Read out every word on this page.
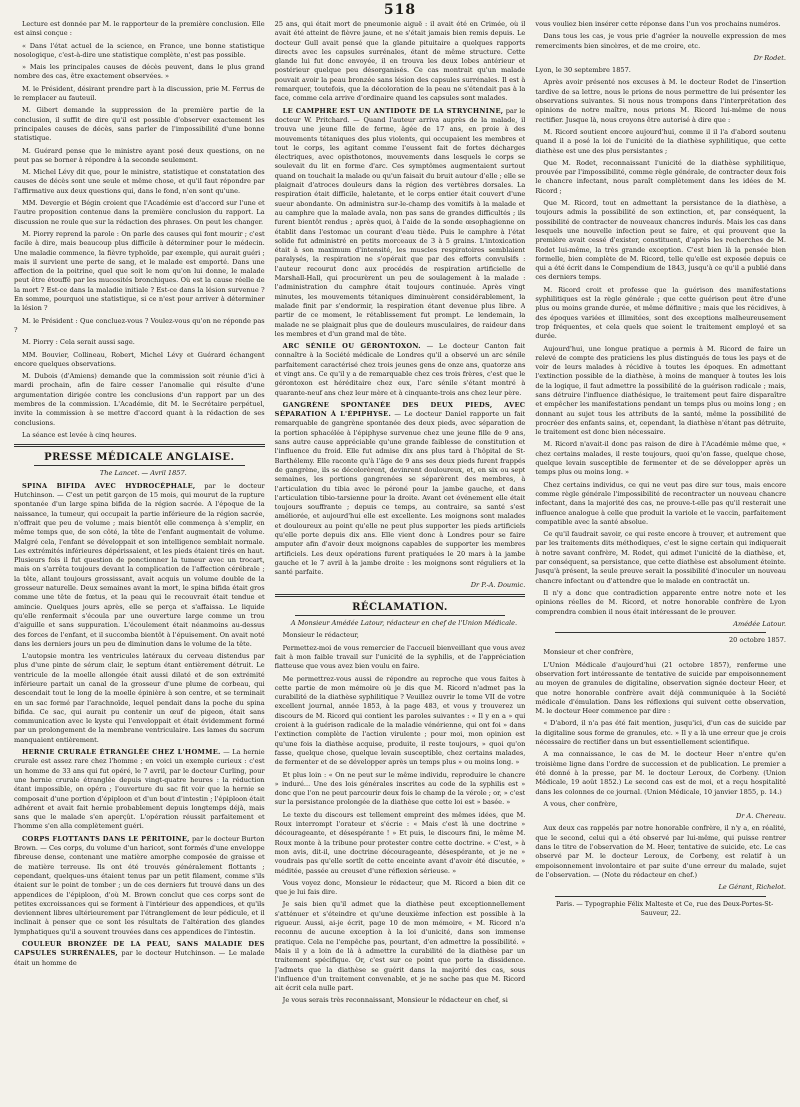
518

Lecture est donnée par M. le rapporteur de la première conclusion. Elle est ainsi conçue :

« Dans l'état actuel de la science, en France, une bonne statistique nosologique, c'est-à-dire une statistique complète, n'est pas possible.

» Mais les principales causes de décès peuvent, dans le plus grand nombre des cas, être exactement observées. »

M. le Président, désirant prendre part à la discussion, prie M. Ferrus de le remplacer au fauteuil.

M. Gibert demande la suppression de la première partie de la conclusion, il suffit de dire qu'il est possible d'observer exactement les principales causes de décès, sans parler de l'impossibilité d'une bonne statistique.

M. Guérard pense que le ministre ayant posé deux questions, on ne peut pas se borner à répondre à la seconde seulement.

M. Michel Lévy dit que, pour le ministre, statistique et constatation des causes de décès sont une seule et même chose, et qu'il faut répondre par l'affirmative aux deux questions qui, dans le fond, n'en sont qu'une.

MM. Devergie et Bégin croient que l'Académie est d'accord sur l'une et l'autre proposition contenue dans la première conclusion du rapport. La discussion ne roule que sur la rédaction des phrases. On peut les changer.

M. Piorry reprend la parole : On parle des causes qui font mourir ; c'est facile à dire, mais beaucoup plus difficile à déterminer pour le médecin. Une maladie commence, la fièvre typhoïde, par exemple, qui aurait guéri ; mais il survient une perte de sang, et le malade est emporté. Dans une affection de la poitrine, quel que soit le nom qu'on lui donne, le malade peut être étouffé par les mucosités bronchiques. Où est la cause réelle de la mort ? Est-ce dans la maladie initiale ? Est-ce dans la lésion survenue ? En somme, pourquoi une statistique, si ce n'est pour arriver à déterminer la lésion ?

M. le Président : Que concluez-vous ? Voulez-vous qu'on ne réponde pas ?

M. Piorry : Cela serait aussi sage.

MM. Bouvier, Collineau, Robert, Michel Lévy et Guérard échangent encore quelques observations.

M. Dubois (d'Amiens) demande que la commission soit réunie d'ici à mardi prochain, afin de faire cesser l'anomalie qui résulte d'une argumentation dirigée contre les conclusions d'un rapport par un des membres de la commission. L'Académie, dit M. le Secrétaire perpétuel, invite la commission à se mettre d'accord quant à la rédaction de ses conclusions.

La séance est levée à cinq heures.

PRESSE MÉDICALE ANGLAISE.

The Lancet. — Avril 1857.

SPINA BIFIDA AVEC HYDROCÉPHALE, par le docteur Hutchinson. — C'est un petit garçon de 15 mois, qui mourut de la rupture spontanée d'un large spina bifida de la région sacrée. A l'époque de la naissance, la tumeur, qui occupait la partie inférieure de la région sacrée, n'offrait que peu de volume ; mais bientôt elle commença à s'emplir, en même temps que, de son côté, la tête de l'enfant augmentait de volume. Malgré cela, l'enfant se développait et son intelligence semblait normale. Les extrémités inférieures dépérissaient, et les pieds étaient tirés en haut. Plusieurs fois il fut question de ponctionner la tumeur avec un trocart, mais on s'arrêta toujours devant la complication de l'affection cérébrale ; la tête, allant toujours grossissant, avait acquis un volume double de la grosseur naturelle. Deux semaines avant la mort, le spina bifida était gros comme une tête de fœtus, et la peau qui le recouvrait était tendue et amincie. Quelques jours après, elle se perça et s'affaissa. Le liquide qu'elle renfermait s'écoula par une ouverture large comme un trou d'aiguille et sans suppuration. L'écoulement était néanmoins au-dessus des forces de l'enfant, et il succomba bientôt à l'épuisement. On avait noté dans les derniers jours un peu de diminution dans le volume de la tête.

L'autopsie montra les ventricules latéraux du cerveau distendus par plus d'une pinte de sérum clair, le septum étant entièrement détruit. Le ventricule de la moelle allongée était aussi dilaté et de son extrémité inférieure partait un canal de la grosseur d'une plume de corbeau, qui descendait tout le long de la moelle épinière à son centre, et se terminait en un sac formé par l'arachnoïde, lequel pendait dans la poche du spina bifida. Ce sac, qui aurait pu contenir un œuf de pigeon, était sans communication avec le kyste qui l'enveloppait et était évidemment formé par un prolongement de la membrane ventriculaire. Les lames du sacrum manquaient entièrement.

HERNIE CRURALE ÉTRANGLÉE CHEZ L'HOMME. — La hernie crurale est assez rare chez l'homme ; en voici un exemple curieux : c'est un homme de 33 ans qui fut opéré, le 7 avril, par le docteur Curling, pour une hernie crurale étranglée depuis vingt-quatre heures : la réduction étant impossible, on opéra ; l'ouverture du sac fit voir que la hernie se composait d'une portion d'épiploon et d'un bout d'intestin ; l'épiploon était adhérent et avait fait hernie probablement depuis longtemps déjà, mais sans que le malade s'en aperçût. L'opération réussit parfaitement et l'homme s'en alla complètement guéri.

CORPS FLOTTANTS DANS LE PÉRITOINE, par le docteur Burton Brown. — Ces corps, du volume d'un haricot, sont formés d'une enveloppe fibreuse dense, contenant une matière amorphe composée de graisse et de matière terreuse. Ils ont été trouvés généralement flottants ; cependant, quelques-uns étaient tenus par un petit filament, comme s'ils étaient sur le point de tomber ; un de ces derniers fut trouvé dans un des appendices de l'épiploon, d'où M. Brown conclut que ces corps sont de petites excroissances qui se forment à l'intérieur des appendices, et qu'ils deviennent libres ultérieurement par l'étranglement de leur pédicule, et il inclinait à penser que ce sont les résultats de l'altération des glandes lymphatiques qu'il a souvent trouvées dans ces appendices de l'intestin.

COULEUR BRONZÉE DE LA PEAU, SANS MALADIE DES CAPSULES SURRÉNALES, par le docteur Hutchinson. — Le malade était un homme de

25 ans, qui était mort de pneumonie aiguë : il avait été en Crimée, où il avait été atteint de fièvre jaune, et ne s'était jamais bien remis depuis. Le docteur Gull avait pensé que la glande pituitaire a quelques rapports directs avec les capsules surrénales, étant de même structure. Cette glande lui fut donc envoyée, il en trouva les deux lobes antérieur et postérieur quelque peu désorganisés. Ce cas montrait qu'un malade pouvait avoir la peau bronzée sans lésion des capsules surrénales. Il est à remarquer, toutefois, que la décoloration de la peau ne s'étendait pas à la face, comme cela arrive d'ordinaire quand les capsules sont malades.

LE CAMPHRE EST UN ANTIDOTE DE LA STRYCHNINE, par le docteur W. Pritchard. — Quand l'auteur arriva auprès de la malade, il trouva une jeune fille de ferme, âgée de 17 ans, en proie à des mouvements tétaniques des plus violents, qui occupaient les membres et tout le corps, les agitant comme l'eussent fait de fortes décharges électriques, avec opisthotonos, mouvements dans lesquels le corps se soulevait du lit en forme d'arc. Ces symptômes augmentaient surtout quand on touchait la malade ou qu'un faisait du bruit autour d'elle ; elle se plaignait d'atroces douleurs dans la région des vertèbres dorsales. La respiration était difficile, haletante, et le corps entier était couvert d'une sueur abondante. On administra sur-le-champ des vomitifs à la malade et au camphre que la malade avala, non pas sans de grandes difficultés ; ils furent bientôt rendus ; après quoi, à l'aide de la sonde œsophagienne on établit dans l'estomac un courant d'eau tiède. Puis le camphre à l'état solide fut administré en petits morceaux de 3 à 5 grains. L'intoxication était à son maximum d'intensité, les muscles respiratoires semblaient paralysés, la respiration ne s'opérait que par des efforts convulsifs : l'auteur recourut donc aux procédés de respiration artificielle de Marshall-Hall, qui procurèrent un peu de soulagement à la malade : l'administration du camphre était toujours continuée. Après vingt minutes, les mouvements tétaniques diminuèrent considérablement, la malade finit par s'endormir, la respiration étant devenue plus libre. A partir de ce moment, le rétablissement fut prompt. Le lendemain, la malade ne se plaignait plus que de douleurs musculaires, de raideur dans les membres et d'un grand mal de tête.

ARC SÉNILE OU GÉRONTOXON. — Le docteur Canton fait connaître à la Société médicale de Londres qu'il a observé un arc sénile parfaitement caractérisé chez trois jeunes gens de onze ans, quatorze ans et vingt ans. Ce qu'il y a de remarquable chez ces trois frères, c'est que le gérontoxon est héréditaire chez eux, l'arc sénile s'étant montré à quarante-neuf ans chez leur mère et à cinquante-trois ans chez leur père.

GANGRÈNE SPONTANÉE DES DEUX PIEDS, AVEC SÉPARATION À L'ÉPIPHYSE. — Le docteur Daniel rapporte un fait remarquable de gangrène spontanée des deux pieds, avec séparation de la portion sphacélée à l'épiphyse survenue chez une jeune fille de 9 ans, sans autre cause appréciable qu'une grande faiblesse de constitution et l'influence du froid. Elle fut admise dix ans plus tard à l'hôpital de St-Barthélemy. Elle raconte qu'à l'âge de 9 ans ses deux pieds furent frappés de gangrène, ils se décolorèrent, devinrent douloureux, et, en six ou sept semaines, les portions gangrenées se séparèrent des membres, à l'articulation du tibia avec le péroné pour la jambe gauche, et dans l'articulation tibio-tarsienne pour la droite. Avant cet événement elle était toujours souffrante ; depuis ce temps, au contraire, sa santé s'est améliorée, et aujourd'hui elle est excellente. Les moignons sont malades et douloureux au point qu'elle ne peut plus supporter les pieds artificiels qu'elle porte depuis dix ans. Elle vient donc à Londres pour se faire amputer afin d'avoir deux moignons capables de supporter les membres artificiels. Les deux opérations furent pratiquées le 20 mars à la jambe gauche et le 7 avril à la jambe droite : les moignons sont réguliers et la santé parfaite.

Dr P.-A. Doumic.

RÉCLAMATION.

A Monsieur Amédée Latour, rédacteur en chef de l'Union Médicale.

Monsieur le rédacteur,

Permettez-moi de vous remercier de l'accueil bienveillant que vous avez fait à mon faible travail sur l'unicité de la syphilis, et de l'appréciation flatteuse que vous avez bien voulu en faire.

Me permettrez-vous aussi de répondre au reproche que vous faites à cette partie de mon mémoire où je dis que M. Ricord n'admet pas la curabilité de la diathèse syphilitique ? Veuillez ouvrir le tome VII de votre excellent journal, année 1853, à la page 483, et vous y trouverez un discours de M. Ricord qui contient les paroles suivantes : « Il y en a » qui croient à la guérison radicale de la maladie vénérienne, qui ont foi » dans l'extinction complète de l'action virulente ; pour moi, mon opinion est qu'une fois la diathèse acquise, produite, il reste toujours, » quoi qu'on fasse, quelque chose, quelque levain susceptible, chez certains malades, de fermenter et de se développer après un temps plus » ou moins long. »

Et plus loin : « On ne peut sur le même individu, reproduire le chancre » induré... Une des lois générales inscrites au code de la syphilis est » donc que l'on ne peut parcourir deux fois le champ de la vérole ; or, » c'est sur la persistance prolongée de la diathèse que cette loi est » basée. »

Le texte du discours est tellement empreint des mêmes idées, que M. Roux interrompt l'orateur et s'écrie : « Mais c'est là une doctrine » décourageante, et désespérante ! » Et puis, le discours fini, le même M. Roux monte à la tribune pour protester contre cette doctrine. « C'est, » à mon avis, dit-il, une doctrine décourageante, désespérante, et je ne » voudrais pas qu'elle sortît de cette enceinte avant d'avoir été discutée, » méditée, passée au creuset d'une réflexion sérieuse. »

Vous voyez donc, Monsieur le rédacteur, que M. Ricord a bien dit ce que je lui fais dire.

Je sais bien qu'il admet que la diathèse peut exceptionnellement s'atténuer et s'éteindre et qu'une deuxième infection est possible à la rigueur. Aussi, ai-je écrit, page 10 de mon mémoire, « M. Ricord n'a reconnu de aucune exception à la loi d'unicité, dans son immense pratique. Cela ne l'empêche pas, pourtant, d'en admettre la possibilité. » Mais il y a loin de là à admettre la curabilité de la diathèse par un traitement spécifique. Or, c'est sur ce point que porte la dissidence. J'admets que la diathèse se guérit dans la majorité des cas, sous l'influence d'un traitement convenable, et je ne sache pas que M. Ricord ait écrit cela nulle part.

Je vous serais très reconnaissant, Monsieur le rédacteur en chef, si

vous vouliez bien insérer cette réponse dans l'un vos prochains numéros.

Dans tous les cas, je vous prie d'agréer la nouvelle expression de mes remerciments bien sincères, et de me croire, etc.

Dr Rodet.

Lyon, le 30 septembre 1857.

Après avoir présenté nos excuses à M. le docteur Rodet de l'insertion tardive de sa lettre, nous le prions de nous permettre de lui présenter les observations suivantes. Si nous nous trompons dans l'interprétation des opinions de notre maître, nous prions M. Ricord lui-même de nous rectifier. Jusque là, nous croyons être autorisé à dire que :

M. Ricord soutient encore aujourd'hui, comme il il l'a d'abord soutenu quand il a posé la loi de l'unicité de la diathèse syphilitique, que cette diathèse est une des plus persistantes ;

Que M. Rodet, reconnaissant l'unicité de la diathèse syphilitique, prouvée par l'impossibilité, comme règle générale, de contracter deux fois le chancre infectant, nous paraît complètement dans les idées de M. Ricord ;

Que M. Ricord, tout en admettant la persistance de la diathèse, a toujours admis la possibilité de son extinction, et, par conséquent, la possibilité de contracter de nouveaux chancres indurés. Mais les cas dans lesquels une nouvelle infection peut se faire, et qui prouvent que la première avait cessé d'exister, constituent, d'après les recherches de M. Rodet lui-même, la très grande exception. C'est bien là la pensée bien formelle, bien complète de M. Ricord, telle qu'elle est exposée depuis ce qui a été écrit dans le Compendium de 1843, jusqu'à ce qu'il a publié dans ces derniers temps.

M. Ricord croit et professe que la guérison des manifestations syphilitiques est la règle générale ; que cette guérison peut être d'une plus ou moins grande durée, et même définitive ; mais que les récidives, à des époques variées et illimitées, sont des exceptions malheureusement trop fréquentes, et cela quels que soient le traitement employé et sa durée.

Aujourd'hui, une longue pratique a permis à M. Ricord de faire un relevé de compte des praticiens les plus distingués de tous les pays et de voir de leurs malades à récidive à toutes les époques. En admettant l'extinction possible de la diathèse, à moins de manquer à toutes les lois de la logique, il faut admettre la possibilité de la guérison radicale ; mais, sans détruire l'influence diathésique, le traitement peut faire disparaître et empêcher les manifestations pendant un temps plus ou moins long ; en donnant au sujet tous les attributs de la santé, même la possibilité de procréer des enfants sains, et, cependant, la diathèse n'étant pas détruite, le traitement est donc bien nécessaire.

M. Ricord n'avait-il donc pas raison de dire à l'Académie même que, « chez certains malades, il reste toujours, quoi qu'on fasse, quelque chose, quelque levain susceptible de fermenter et de se développer après un temps plus ou moins long. »

Chez certains individus, ce qui ne veut pas dire sur tous, mais encore comme règle générale l'impossibilité de recontracter un nouveau chancre infectant, dans la majorité des cas, ne prouve-t-elle pas qu'il resterait une influence analogue à celle que produit la variole et le vaccin, parfaitement compatible avec la santé absolue.

Ce qu'il faudrait savoir, ce qui reste encore à trouver, et autrement que par les traitements dits méthodiques, c'est le signe certain qui indiquerait à notre savant confrère, M. Rodet, qui admet l'unicité de la diathèse, et, par conséquent, sa persistance, que cette diathèse est absolument éteinte. Jusqu'à présent, la seule preuve serait la possibilité d'inoculer un nouveau chancre infectant ou d'attendre que le malade en contractât un.

Il n'y a donc que contradiction apparente entre notre note et les opinions réelles de M. Ricord, et notre honorable confrère de Lyon comprendra combien il nous était intéressant de le prouver.

Amédée Latour.

20 octobre 1857.

Monsieur et cher confrère,

L'Union Médicale d'aujourd'hui (21 octobre 1857), renferme une observation fort intéressante de tentative de suicide par empoisonnement au moyen de granules de digitaline, observation signée docteur Heer, et que notre honorable confrère avait déjà communiquée à la Société médicale d'émulation. Dans les réflexions qui suivent cette observation, M. le docteur Heer commence par dire :

« D'abord, il n'a pas été fait mention, jusqu'ici, d'un cas de suicide par la digitaline sous forme de granules, etc. » Il y a là une erreur que je crois nécessaire de rectifier dans un but essentiellement scientifique.

A ma connaissance, le cas de M. le docteur Heer n'entre qu'en troisième ligne dans l'ordre de succession et de publication. Le premier a été donné à la presse, par M. le docteur Leroux, de Corbeny. (Union Médicale, 19 août 1852.) Le second cas est de moi, et a reçu hospitalité dans les colonnes de ce journal. (Union Médicale, 10 janvier 1855, p. 14.)

A vous, cher confrère,

Dr A. Chereau.

Aux deux cas rappelés par notre honorable confrère, il n'y a, en réalité, que le second, celui qui a été observé par lui-même, qui puisse rentrer dans le titre de l'observation de M. Heer, tentative de suicide, etc. Le cas observé par M. le docteur Leroux, de Corbeny, est relatif à un empoisonnement involontaire et par suite d'une erreur du malade, sujet de l'observation. — (Note du rédacteur en chef.)

Le Gérant, Richelot.

Paris. — Typographie Félix Malteste et Ce, rue des Deux-Portes-St-Sauveur, 22.
